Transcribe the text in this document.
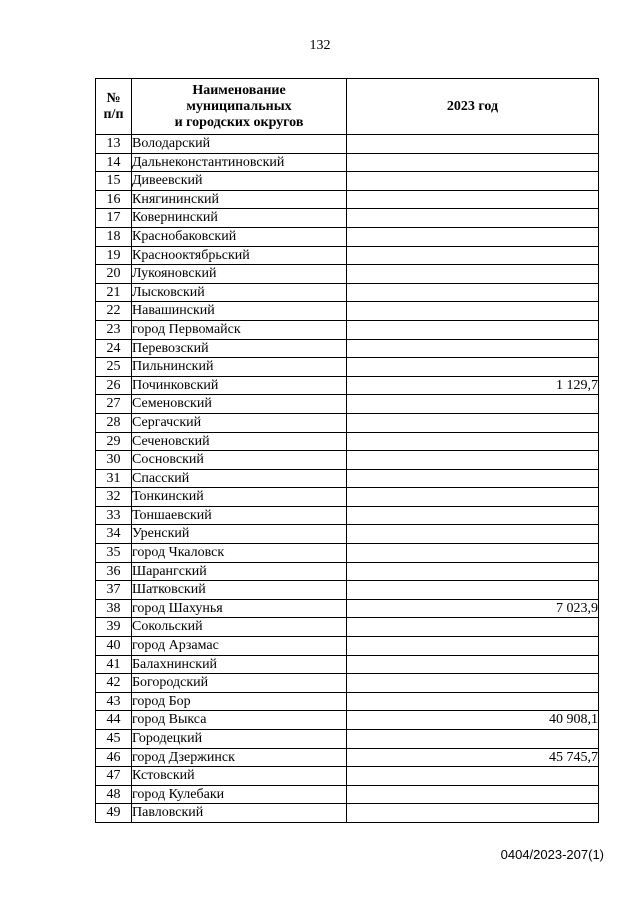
132
№
п/п	Наименование
муниципальных
и городских округов	2023 год
13	Володарский	
14	Дальнеконстантиновский	
15	Дивеевский	
16	Княгининский	
17	Ковернинский	
18	Краснобаковский	
19	Краснооктябрьский	
20	Лукояновский	
21	Лысковский	
22	Навашинский	
23	город Первомайск	
24	Перевозский	
25	Пильнинский	
26	Починковский	1 129,7
27	Семеновский	
28	Сергачский	
29	Сеченовский	
30	Сосновский	
31	Спасский	
32	Тонкинский	
33	Тоншаевский	
34	Уренский	
35	город Чкаловск	
36	Шарангский	
37	Шатковский	
38	город Шахунья	7 023,9
39	Сокольский	
40	город Арзамас	
41	Балахнинский	
42	Богородский	
43	город Бор	
44	город Выкса	40 908,1
45	Городецкий	
46	город Дзержинск	45 745,7
47	Кстовский	
48	город Кулебаки	
49	Павловский	
0404/2023-207(1)
